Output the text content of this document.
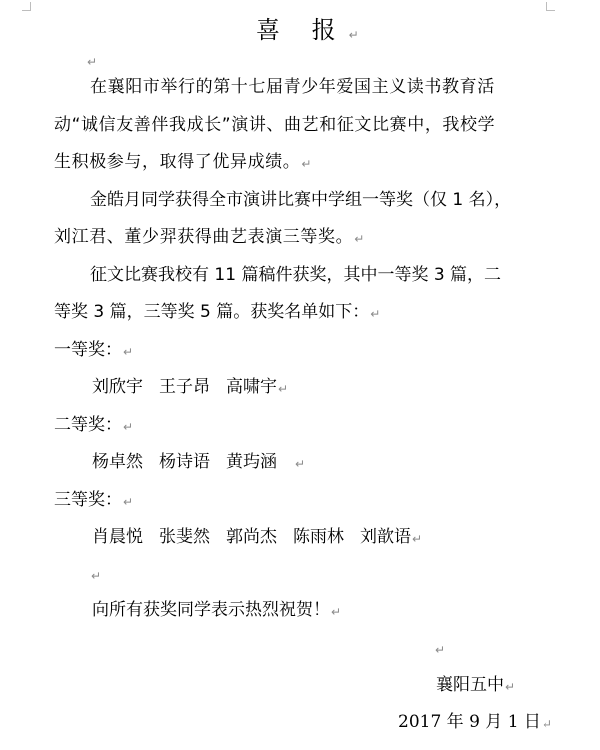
喜 报↵
↵
在襄阳市举行的第十七届青少年爱国主义读书教育活
动“诚信友善伴我成长”演讲、曲艺和征文比赛中，我校学
生积极参与，取得了优异成绩。↵
金皓月同学获得全市演讲比赛中学组一等奖（仅 1 名），
刘江君、董少羿获得曲艺表演三等奖。↵
征文比赛我校有 11 篇稿件获奖，其中一等奖 3 篇，二
等奖 3 篇，三等奖 5 篇。获奖名单如下：↵
一等奖：↵
刘欣宇 王子昂 高啸宇↵
二等奖：↵
杨卓然 杨诗语 黄玙涵 ↵
三等奖：↵
肖晨悦 张斐然 郭尚杰 陈雨林 刘歆语↵
↵
向所有获奖同学表示热烈祝贺！↵
↵
襄阳五中↵
2017 年 9 月 1 日↵
